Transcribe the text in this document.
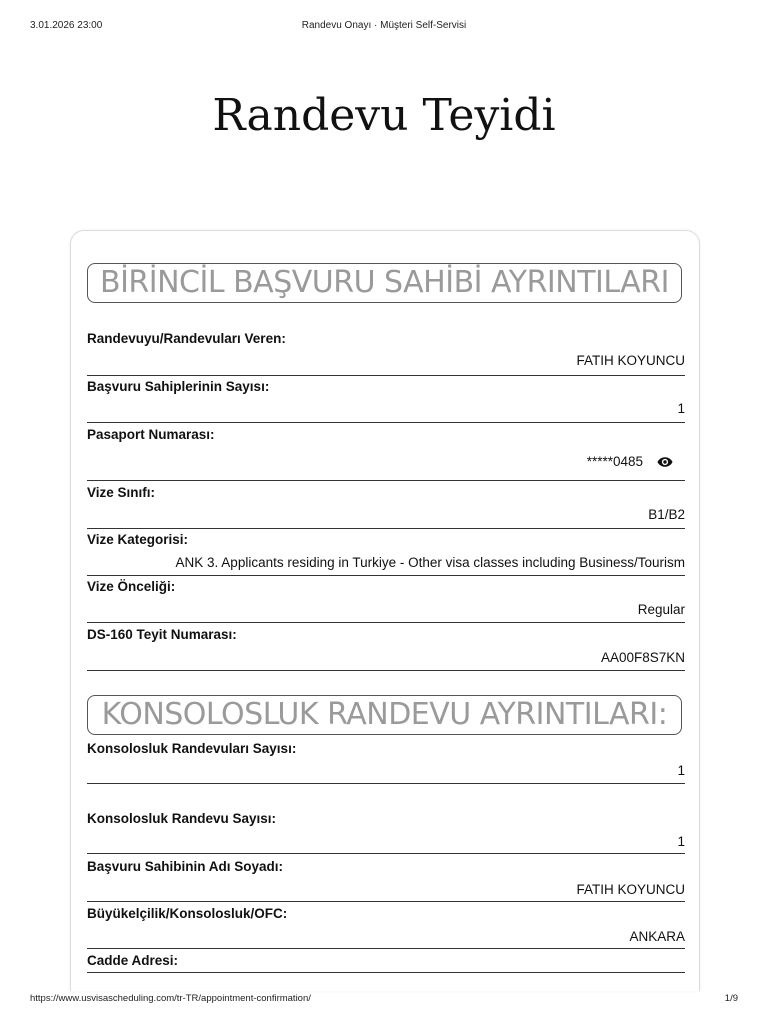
3.01.2026 23:00	Randevu Onayı · Müşteri Self-Servisi
Randevu Teyidi
BİRİNCİL BAŞVURU SAHİBİ AYRINTILARI
Randevuyu/Randevuları Veren:
FATIH KOYUNCU
Başvuru Sahiplerinin Sayısı:
1
Pasaport Numarası:
*****0485
Vize Sınıfı:
B1/B2
Vize Kategorisi:
ANK 3. Applicants residing in Turkiye - Other visa classes including Business/Tourism
Vize Önceliği:
Regular
DS-160 Teyit Numarası:
AA00F8S7KN
KONSOLOSLUK RANDEVU AYRINTILARI:
Konsolosluk Randevuları Sayısı:
1
Konsolosluk Randevu Sayısı:
1
Başvuru Sahibinin Adı Soyadı:
FATIH KOYUNCU
Büyükelçilik/Konsolosluk/OFC:
ANKARA
Cadde Adresi:
https://www.usvisascheduling.com/tr-TR/appointment-confirmation/	1/9
